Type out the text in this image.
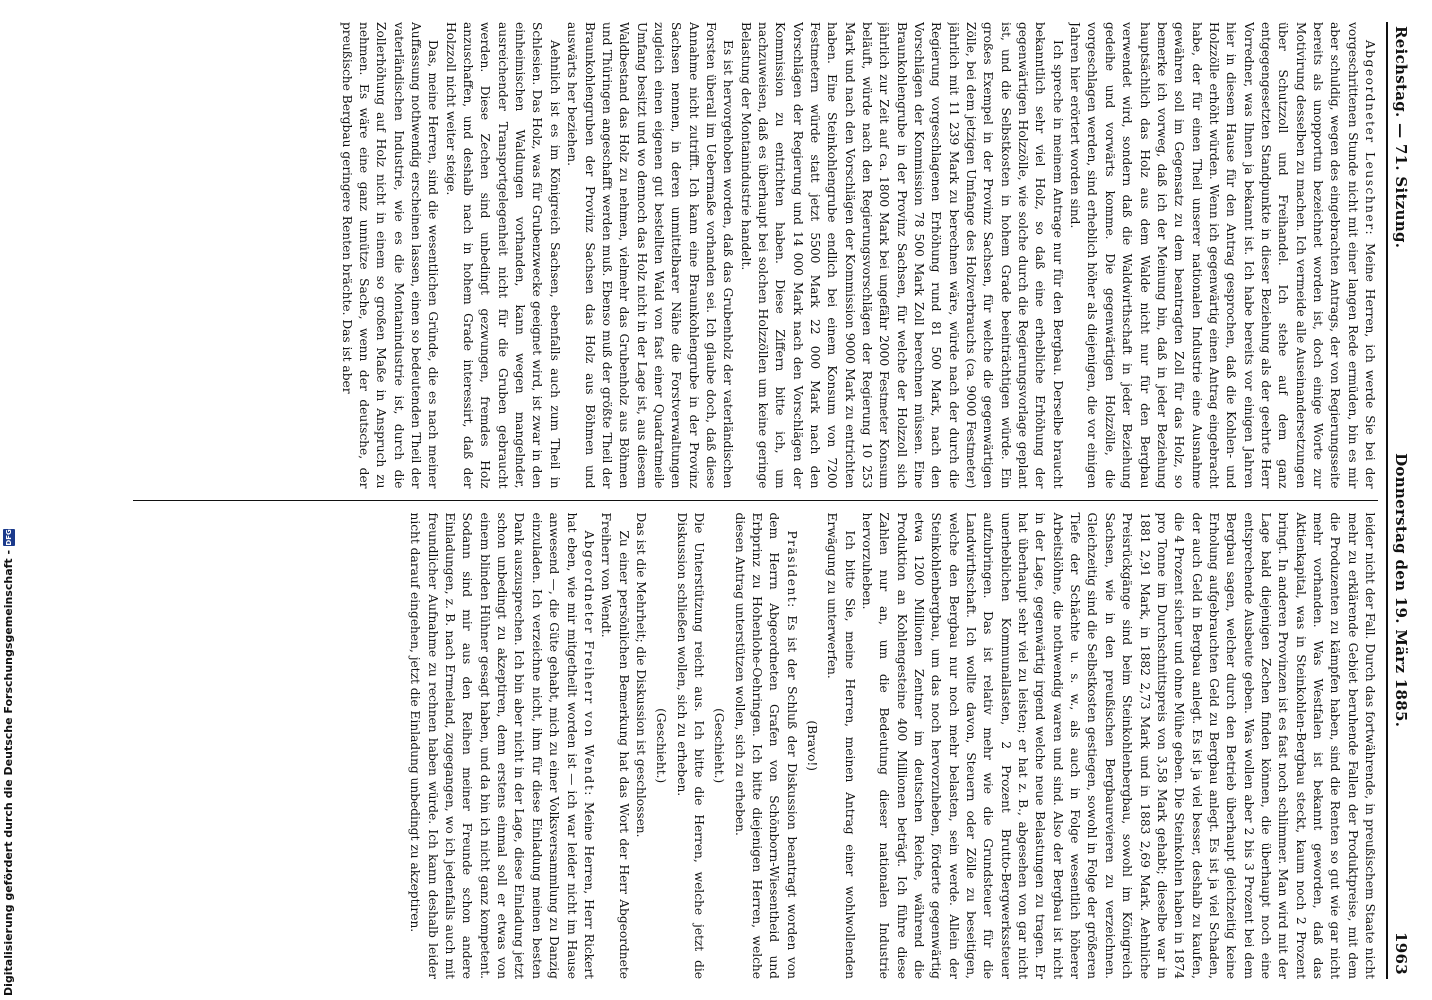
Reichstag. — 71. Sitzung.
Donnerstag den 19. März 1885.
1963

Abgeordneter Leuschner: Meine Herren, ich werde Sie bei der vorgeschrittenen Stunde nicht mit einer langen Rede ermüden, bin es mir aber schuldig, wegen des eingebrachten Antrags, der von Regierungsseite bereits als unopportun bezeichnet worden ist, doch einige Worte zur Motivirung desselben zu machen. Ich vermeide alle Auseinandersetzungen über Schutzzoll und Freihandel. Ich stehe auf dem ganz entgegengesetzten Standpunkte in dieser Beziehung als der geehrte Herr Vorredner, was Ihnen ja bekannt ist. Ich habe bereits vor einigen Jahren hier in diesem Hause für den Antrag gesprochen, daß die Kohlen- und Holzzölle erhöht würden. Wenn ich gegenwärtig einen Antrag eingebracht habe, der für einen Theil unserer nationalen Industrie eine Ausnahme gewähren soll im Gegensatz zu dem beantragten Zoll für das Holz, so bemerke ich vorweg, daß ich der Meinung bin, daß in jeder Beziehung hauptsächlich das Holz aus dem Walde nicht nur für den Bergbau verwendet wird, sondern daß die Waldwirthschaft in jeder Beziehung gedeihe und vorwärts komme. Die gegenwärtigen Holzzölle, die vorgeschlagen werden, sind erheblich höher als diejenigen, die vor einigen Jahren hier erörtert worden sind.

Ich spreche in meinem Antrage nur für den Bergbau. Derselbe braucht bekanntlich sehr viel Holz, so daß eine erhebliche Erhöhung der gegenwärtigen Holzzölle, wie solche durch die Regierungsvorlage geplant ist, und die Selbstkosten in hohem Grade beeinträchtigen würde. Ein großes Exempel in der Provinz Sachsen, für welche die gegenwärtigen Zölle, bei dem jetzigen Umfange des Holzverbrauchs (ca. 9000 Festmeter) jährlich mit 11 239 Mark zu berechnen wäre, würde nach der durch die Regierung vorgeschlagenen Erhöhung rund 81 500 Mark, nach den Vorschlägen der Kommission 78 500 Mark Zoll berechnen müssen. Eine Braunkohlengrube in der Provinz Sachsen, für welche der Holzzoll sich jährlich zur Zeit auf ca. 1800 Mark bei ungefähr 2000 Festmeter Konsum beläuft, würde nach den Regierungsvorschlägen der Regierung 10 253 Mark und nach den Vorschlägen der Kommission 9000 Mark zu entrichten haben. Eine Steinkohlengrube endlich bei einem Konsum von 7200 Festmetern würde statt jetzt 5500 Mark 22 000 Mark nach den Vorschlägen der Regierung und 14 000 Mark nach den Vorschlägen der Kommission zu entrichten haben. Diese Ziffern bitte ich, um nachzuweisen, daß es überhaupt bei solchen Holzzöllen um keine geringe Belastung der Montanindustrie handelt.

Es ist hervorgehoben worden, daß das Grubenholz der vaterländischen Forsten überall im Uebermaße vorhanden sei. Ich glaube doch, daß diese Annahme nicht zutrifft. Ich kann eine Braunkohlengrube in der Provinz Sachsen nennen, in deren unmittelbarer Nähe die Forstverwaltungen zugleich einen eigenen gut bestellten Wald von fast einer Quadratmeile Umfang besitzt und wo dennoch das Holz nicht in der Lage ist, aus diesem Waldbestand das Holz zu nehmen, vielmehr das Grubenholz aus Böhmen und Thüringen angeschafft werden muß. Ebenso muß der größte Theil der Braunkohlengruben der Provinz Sachsen das Holz aus Böhmen und auswärts her beziehen.

Aehnlich ist es im Königreich Sachsen, ebenfalls auch zum Theil in Schlesien. Das Holz, was für Grubenzwecke geeignet wird, ist zwar in den einheimischen Waldungen vorhanden, kann wegen mangelnder, ausreichender Transportgelegenheit nicht für die Gruben gebraucht werden. Diese Zechen sind unbedingt gezwungen, fremdes Holz anzuschaffen, und deshalb nach in hohem Grade interessirt, daß der Holzzoll nicht weiter steige.

Das, meine Herren, sind die wesentlichen Gründe, die es nach meiner Auffassung nothwendig erscheinen lassen, einen so bedeutenden Theil der vaterländischen Industrie, wie es die Montanindustrie ist, durch die Zollerhöhung auf Holz nicht in einem so großen Maße in Anspruch zu nehmen. Es wäre eine ganz unnütze Sache, wenn der deutsche, der preußische Bergbau geringere Renten brächte. Das ist aber

leider nicht der Fall. Durch das fortwährende, in preußischem Staate nicht mehr zu erklärende Gebiet beruhende Fallen der Produktpreise, mit dem die Produzenten zu kämpfen haben, sind die Renten so gut wie gar nicht mehr vorhanden. Was Westfalen ist bekannt geworden, daß das Aktienkapital, was in Steinkohlen-Bergbau steckt, kaum noch 2 Prozent bringt. In anderen Provinzen ist es fast noch schlimmer. Man wird mit der Lage bald diejenigen Zechen finden können, die überhaupt noch eine entsprechende Ausbeute geben. Was wollen aber 2 bis 3 Prozent bei dem Bergbau sagen, welcher durch den Betrieb überhaupt gleichzeitig keine Erholung aufgebrauchten Geld zu Bergbau anlegt. Es ist ja viel Schaden, der auch Geld in Bergbau anlegt. Es ist ja viel besser, deshalb zu kaufen, die 4 Prozent sicher und ohne Mühe geben. Die Steinkohlen haben in 1874 pro Tonne im Durchschnittspreis von 3,58 Mark gehabt; dieselbe war in 1881 2,91 Mark, in 1882 2,73 Mark und in 1883 2,69 Mark. Aehnliche Preisrückgänge sind beim Steinkohlenbergbau, sowohl im Königreich Sachsen, wie in den preußischen Bergbaurevieren zu verzeichnen. Gleichzeitig sind die Selbstkosten gestiegen, sowohl in Folge der größeren Tiefe der Schächte u. s. w., als auch in Folge wesentlich höherer Arbeitslöhne, die nothwendig waren und sind. Also der Bergbau ist nicht in der Lage, gegenwärtig irgend welche neue Belastungen zu tragen. Er hat überhaupt sehr viel zu leisten; er hat z. B., abgesehen von gar nicht unerheblichen Kommunallasten, 2 Prozent Brutto-Bergwerkssteuer aufzubringen. Das ist relativ mehr wie die Grundsteuer für die Landwirthschaft. Ich wollte davon, Steuern oder Zölle zu beseitigen, welche den Bergbau nur noch mehr belasten, sein werde. Allein der Steinkohlenbergbau, um das noch hervorzuheben, förderte gegenwärtig etwa 1200 Millionen Zentner im deutschen Reiche, während die Produktion an Kohlengesteine 400 Millionen beträgt. Ich führe diese Zahlen nur an, um die Bedeutung dieser nationalen Industrie hervorzuheben.

Ich bitte Sie, meine Herren, meinen Antrag einer wohlwollenden Erwägung zu unterwerfen.

(Bravo!)

Präsident: Es ist der Schluß der Diskussion beantragt worden von dem Herrn Abgeordneten Grafen von Schönborn-Wiesentheid und Erbprinz zu Hohenlohe-Oehringen. Ich bitte diejenigen Herren, welche diesen Antrag unterstützen wollen, sich zu erheben.

(Geschieht.)

Die Unterstützung reicht aus. Ich bitte die Herren, welche jetzt die Diskussion schließen wollen, sich zu erheben.

(Geschieht.)

Das ist die Mehrheit; die Diskussion ist geschlossen.

Zu einer persönlichen Bemerkung hat das Wort der Herr Abgeordnete Freiherr von Wendt.

Abgeordneter Freiherr von Wendt: Meine Herren, Herr Rickert hat eben, wie mir mitgetheilt worden ist — ich war leider nicht im Hause anwesend —, die Güte gehabt, mich zu einer Volksversammlung zu Danzig einzuladen. Ich verzeichne nicht, ihm für diese Einladung meinen besten Dank auszusprechen. Ich bin aber nicht in der Lage, diese Einladung jetzt schon unbedingt zu akzeptiren, denn erstens einmal soll er etwas von einem blinden Hühner gesagt haben, und da bin ich nicht ganz kompetent. Sodann sind mir aus den Reihen meiner Freunde schon andere Einladungen, z. B. nach Ermeland, zugegangen, wo ich jedenfalls auch mit freundlicher Aufnahme zu rechnen haben würde. Ich kann deshalb leider nicht darauf eingehen, jetzt die Einladung unbedingt zu akzeptiren.

Digitalisierung gefördert durch die Deutsche Forschungsgemeinschaft -
DFG
